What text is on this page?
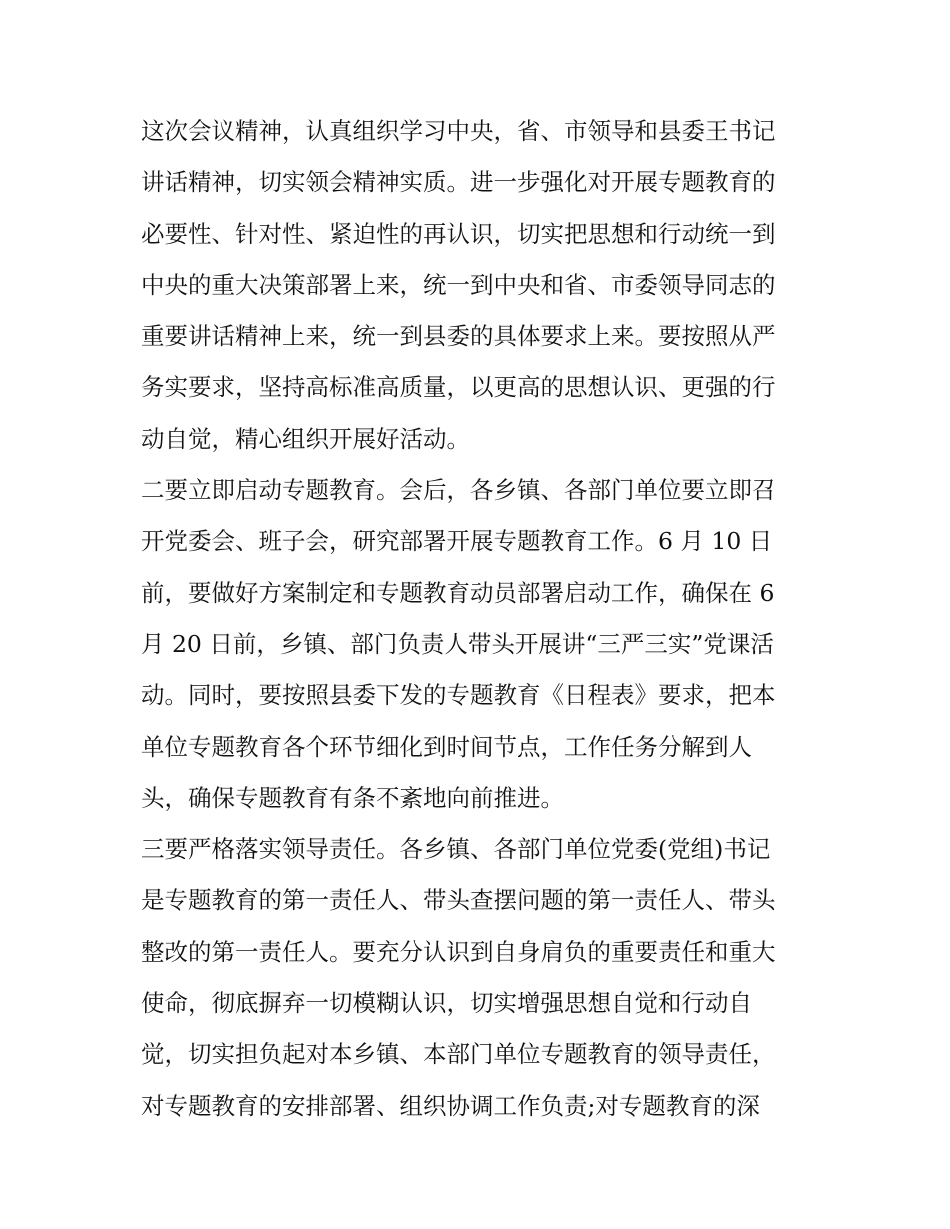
这次会议精神，认真组织学习中央，省、市领导和县委王书记
讲话精神，切实领会精神实质。进一步强化对开展专题教育的
必要性、针对性、紧迫性的再认识，切实把思想和行动统一到
中央的重大决策部署上来，统一到中央和省、市委领导同志的
重要讲话精神上来，统一到县委的具体要求上来。要按照从严
务实要求，坚持高标准高质量，以更高的思想认识、更强的行
动自觉，精心组织开展好活动。
二要立即启动专题教育。会后，各乡镇、各部门单位要立即召
开党委会、班子会，研究部署开展专题教育工作。6 月 10 日
前，要做好方案制定和专题教育动员部署启动工作，确保在 6
月 20 日前，乡镇、部门负责人带头开展讲“三严三实”党课活
动。同时，要按照县委下发的专题教育《日程表》要求，把本
单位专题教育各个环节细化到时间节点，工作任务分解到人
头，确保专题教育有条不紊地向前推进。
三要严格落实领导责任。各乡镇、各部门单位党委(党组)书记
是专题教育的第一责任人、带头查摆问题的第一责任人、带头
整改的第一责任人。要充分认识到自身肩负的重要责任和重大
使命，彻底摒弃一切模糊认识，切实增强思想自觉和行动自
觉，切实担负起对本乡镇、本部门单位专题教育的领导责任，
对专题教育的安排部署、组织协调工作负责;对专题教育的深
